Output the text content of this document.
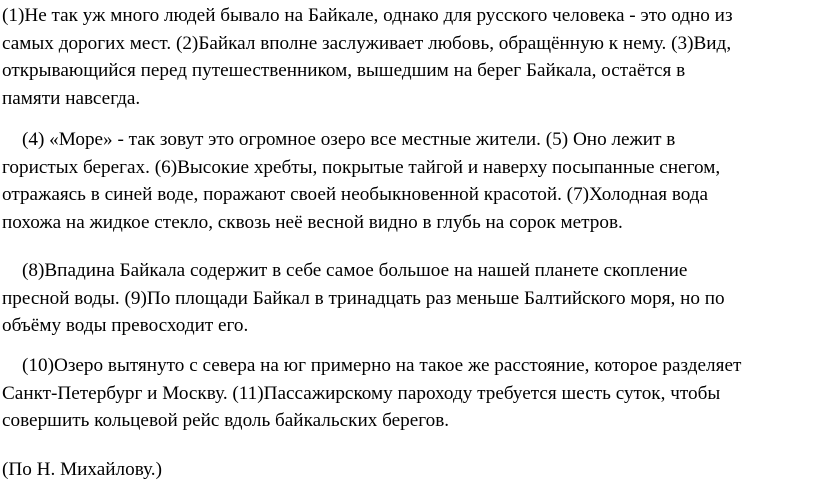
(1)Не так уж много людей бывало на Байкале, однако для русского человека - это одно из
самых дорогих мест. (2)Байкал вполне заслуживает любовь, обращённую к нему. (3)Вид,
открывающийся перед путешественником, вышедшим на берег Байкала, остаётся в
памяти навсегда.
(4) «Море» - так зовут это огромное озеро все местные жители. (5) Оно лежит в
гористых берегах. (6)Высокие хребты, покрытые тайгой и наверху посыпанные снегом,
отражаясь в синей воде, поражают своей необыкновенной красотой. (7)Холодная вода
похожа на жидкое стекло, сквозь неё весной видно в глубь на сорок метров.
(8)Впадина Байкала содержит в себе самое большое на нашей планете скопление
пресной воды. (9)По площади Байкал в тринадцать раз меньше Балтийского моря, но по
объёму воды превосходит его.
(10)Озеро вытянуто с севера на юг примерно на такое же расстояние, которое разделяет
Санкт-Петербург и Москву. (11)Пассажирскому пароходу требуется шесть суток, чтобы
совершить кольцевой рейс вдоль байкальских берегов.
(По Н. Михайлову.)
